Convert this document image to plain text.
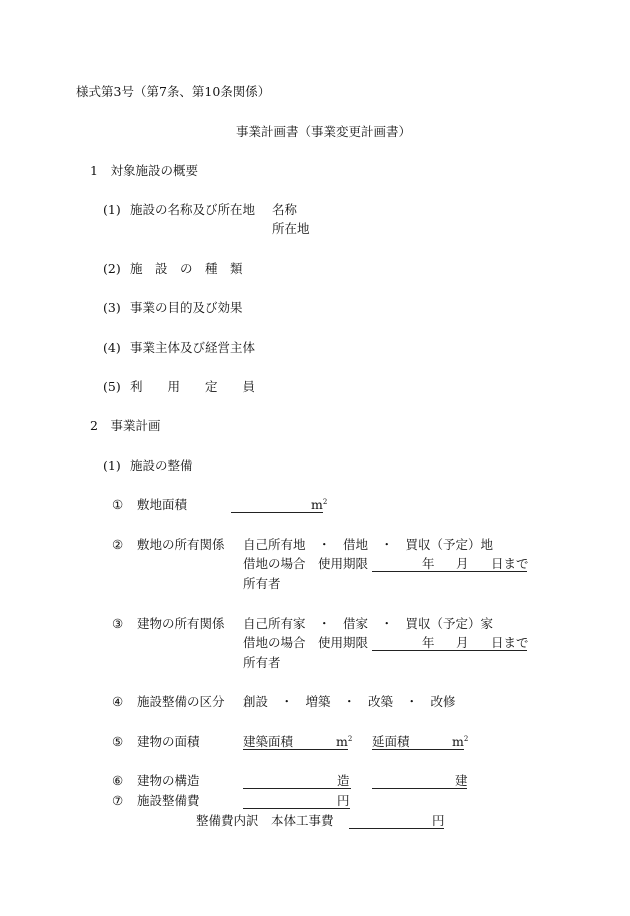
様式第3号（第7条、第10条関係）
事業計画書（事業変更計画書）
1　対象施設の概要
(1) 施設の名称及び所在地 名称
所在地
(2) 施　設　の　種　類
(3) 事業の目的及び効果
(4) 事業主体及び経営主体
(5) 利　　用　　定　　員
2　事業計画
(1) 施設の整備
① 敷地面積	$m^2$
② 敷地の所有関係 自己所有地　・　借地　・　買収（予定）地
借地の場合　使用期限	年 月 日まで
所有者
③ 建物の所有関係 自己所有家　・　借家　・　買収（予定）家
借地の場合　使用期限	年 月 日まで
所有者
④ 施設整備の区分 創設　・　増築　・　改築　・　改修
⑤ 建物の面積	建築面積	$m^2$ 延面積	$m^2$
⑥ 建物の構造	造	建
⑦ 施設整備費	円
整備費内訳　本体工事費	円
